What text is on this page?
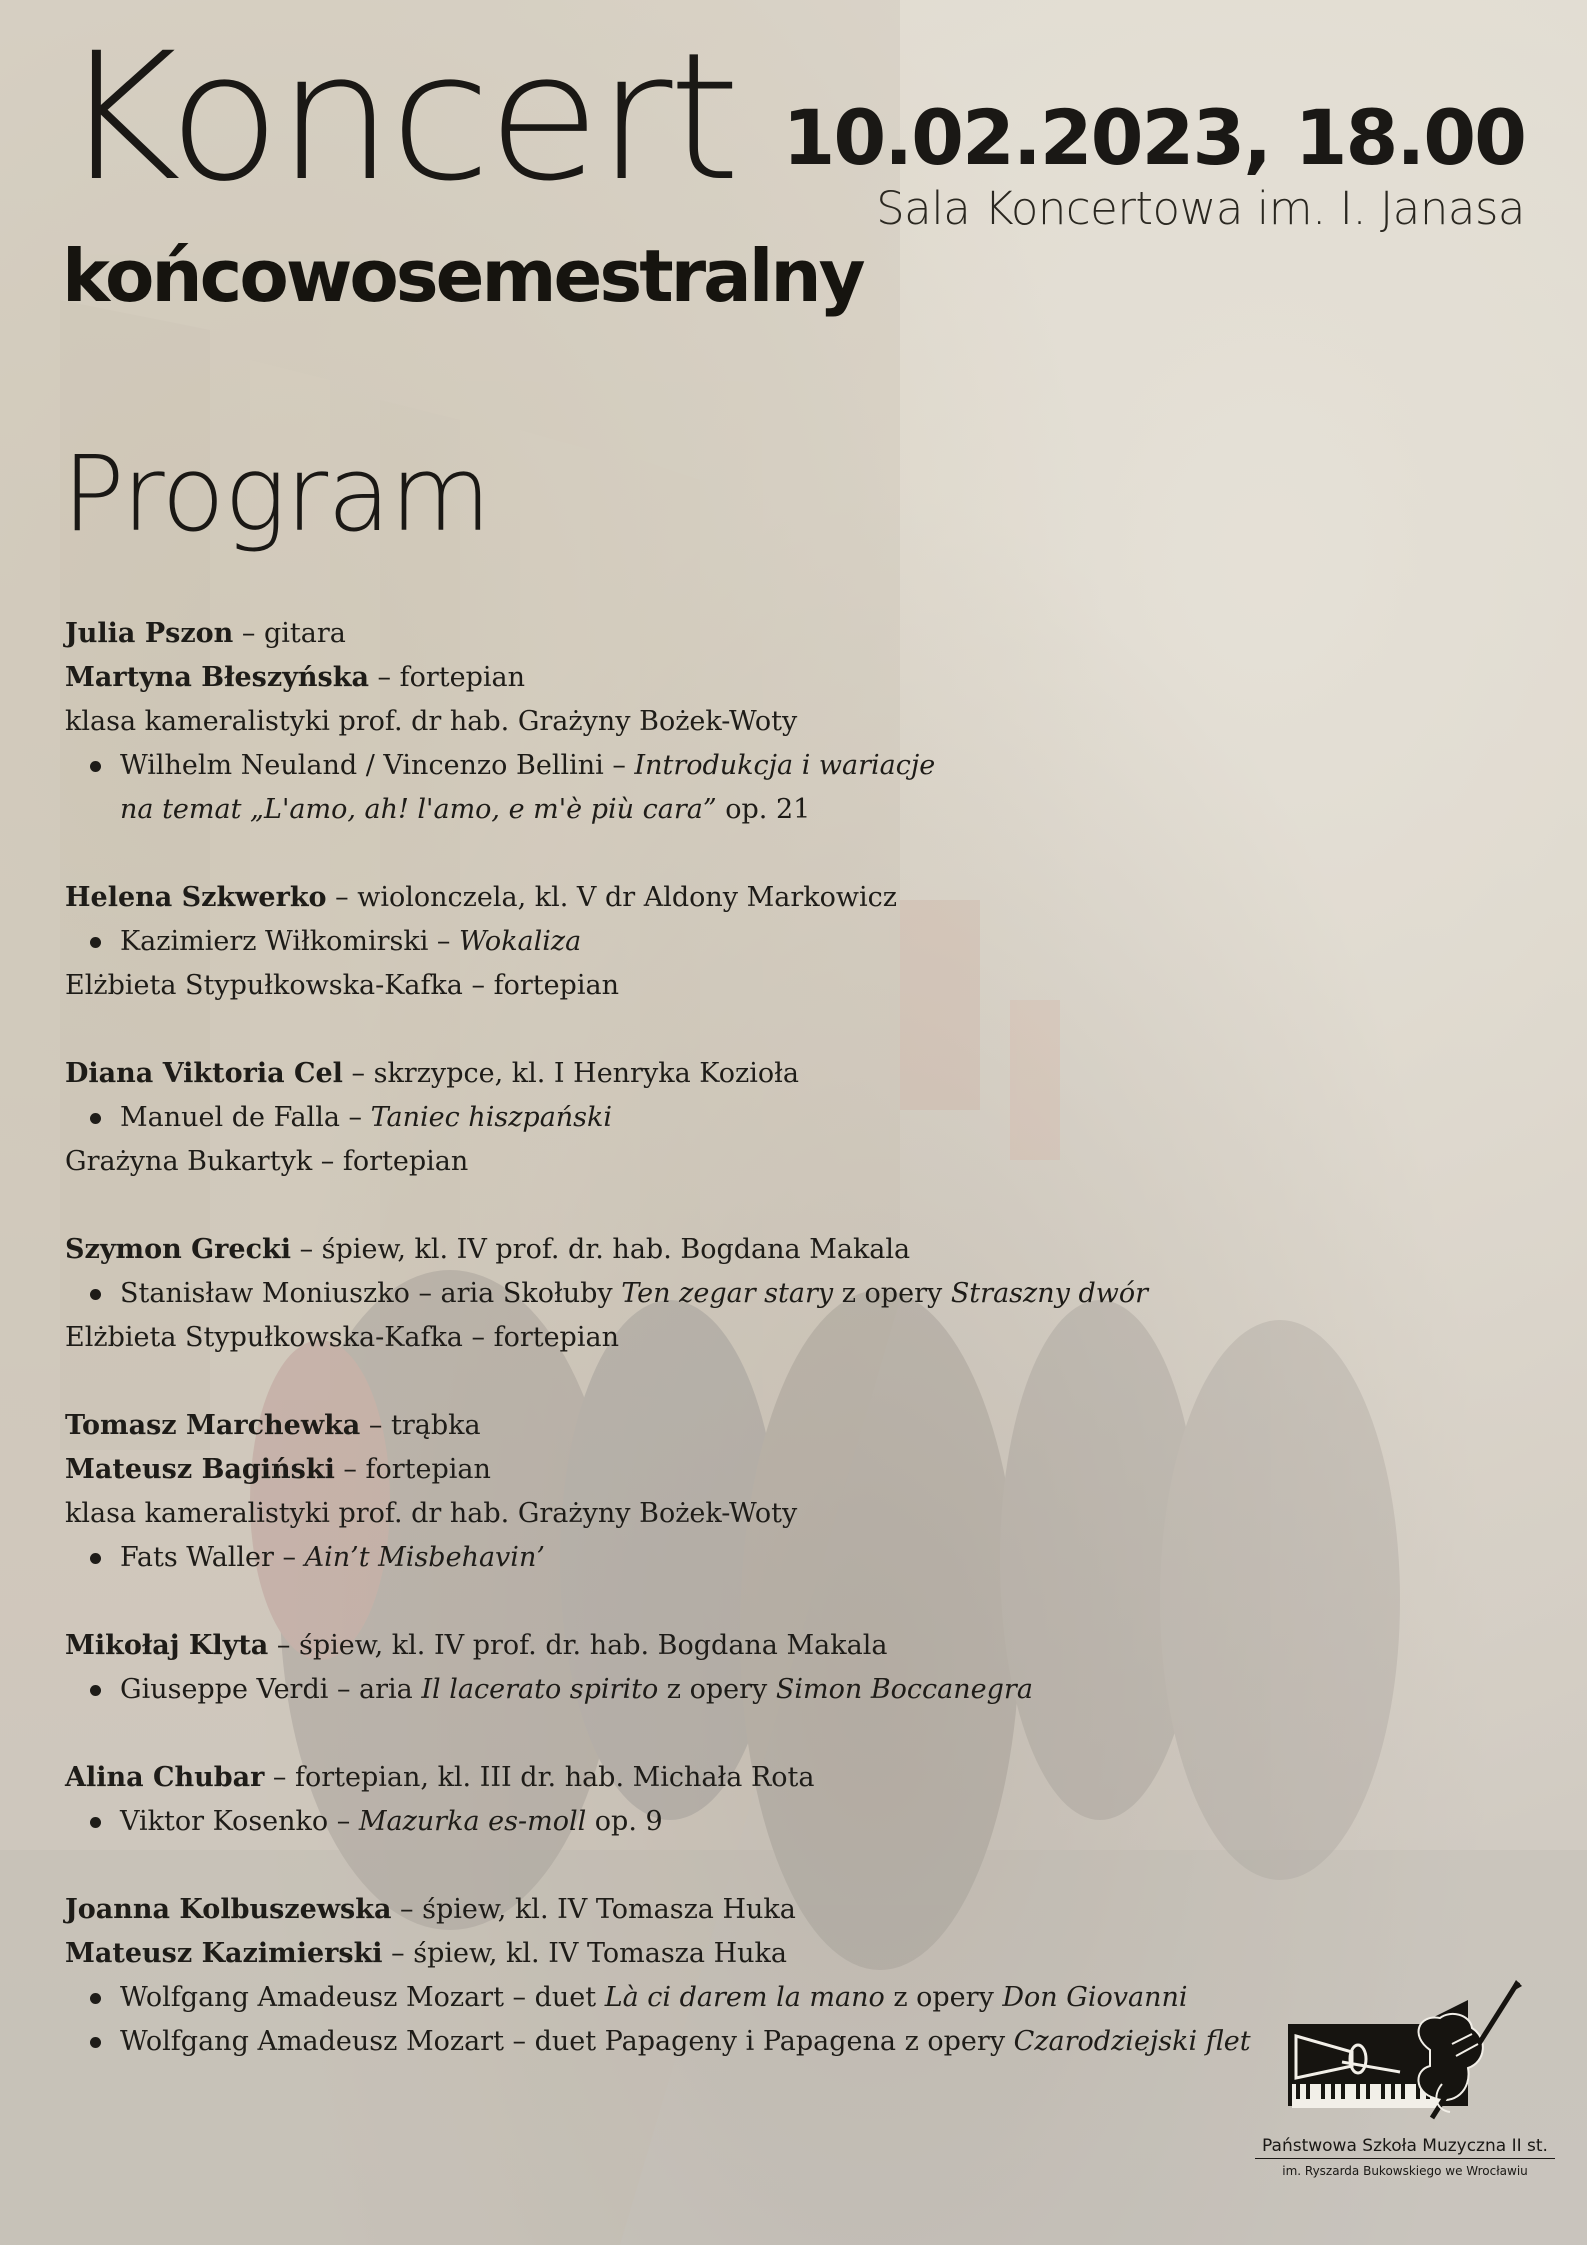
Koncert
końcowosemestralny
10.02.2023, 18.00
Sala Koncertowa im. I. Janasa
Program
Julia Pszon – gitara
Martyna Błeszyńska – fortepian
klasa kameralistyki prof. dr hab. Grażyny Bożek-Woty
Wilhelm Neuland / Vincenzo Bellini – Introdukcja i wariacje
na temat „L'amo, ah! l'amo, e m'è più cara” op. 21
Helena Szkwerko – wiolonczela, kl. V dr Aldony Markowicz
Kazimierz Wiłkomirski – Wokaliza
Elżbieta Stypułkowska-Kafka – fortepian
Diana Viktoria Cel – skrzypce, kl. I Henryka Kozioła
Manuel de Falla – Taniec hiszpański
Grażyna Bukartyk – fortepian
Szymon Grecki – śpiew, kl. IV prof. dr. hab. Bogdana Makala
Stanisław Moniuszko – aria Skołuby Ten zegar stary z opery Straszny dwór
Elżbieta Stypułkowska-Kafka – fortepian
Tomasz Marchewka – trąbka
Mateusz Bagiński – fortepian
klasa kameralistyki prof. dr hab. Grażyny Bożek-Woty
Fats Waller – Ain’t Misbehavin’
Mikołaj Klyta – śpiew, kl. IV prof. dr. hab. Bogdana Makala
Giuseppe Verdi – aria Il lacerato spirito z opery Simon Boccanegra
Alina Chubar – fortepian, kl. III dr. hab. Michała Rota
Viktor Kosenko – Mazurka es-moll op. 9
Joanna Kolbuszewska – śpiew, kl. IV Tomasza Huka
Mateusz Kazimierski – śpiew, kl. IV Tomasza Huka
Wolfgang Amadeusz Mozart – duet Là ci darem la mano z opery Don Giovanni
Wolfgang Amadeusz Mozart – duet Papageny i Papagena z opery Czarodziejski flet
Państwowa Szkoła Muzyczna II st.
im. Ryszarda Bukowskiego we Wrocławiu
